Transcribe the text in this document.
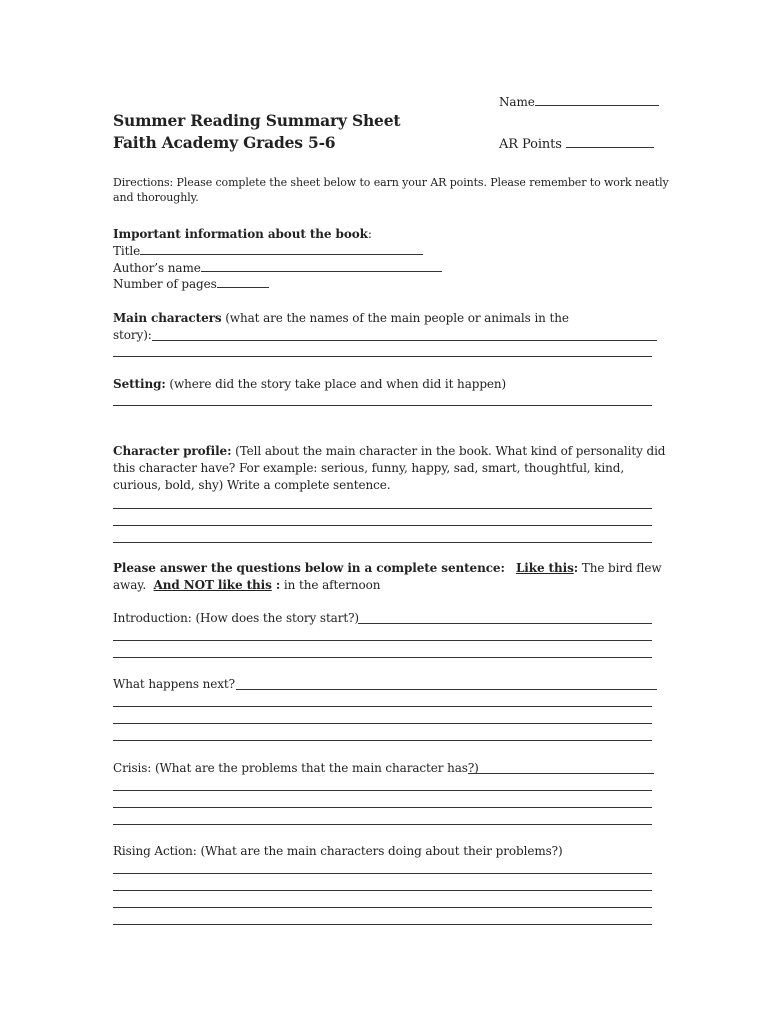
Name
Summer Reading Summary Sheet
Faith Academy Grades 5-6	AR Points
Directions: Please complete the sheet below to earn your AR points. Please remember to work neatly
and thoroughly.
Important information about the book:
Title
Author’s name
Number of pages
Main characters (what are the names of the main people or animals in the
story):
Setting: (where did the story take place and when did it happen)
Character profile: (Tell about the main character in the book. What kind of personality did
this character have? For example: serious, funny, happy, sad, smart, thoughtful, kind,
curious, bold, shy) Write a complete sentence.
Please answer the questions below in a complete sentence: Like this: The bird flew
away. And NOT like this : in the afternoon
Introduction: (How does the story start?)
What happens next?
Crisis: (What are the problems that the main character has?)
Rising Action: (What are the main characters doing about their problems?)
